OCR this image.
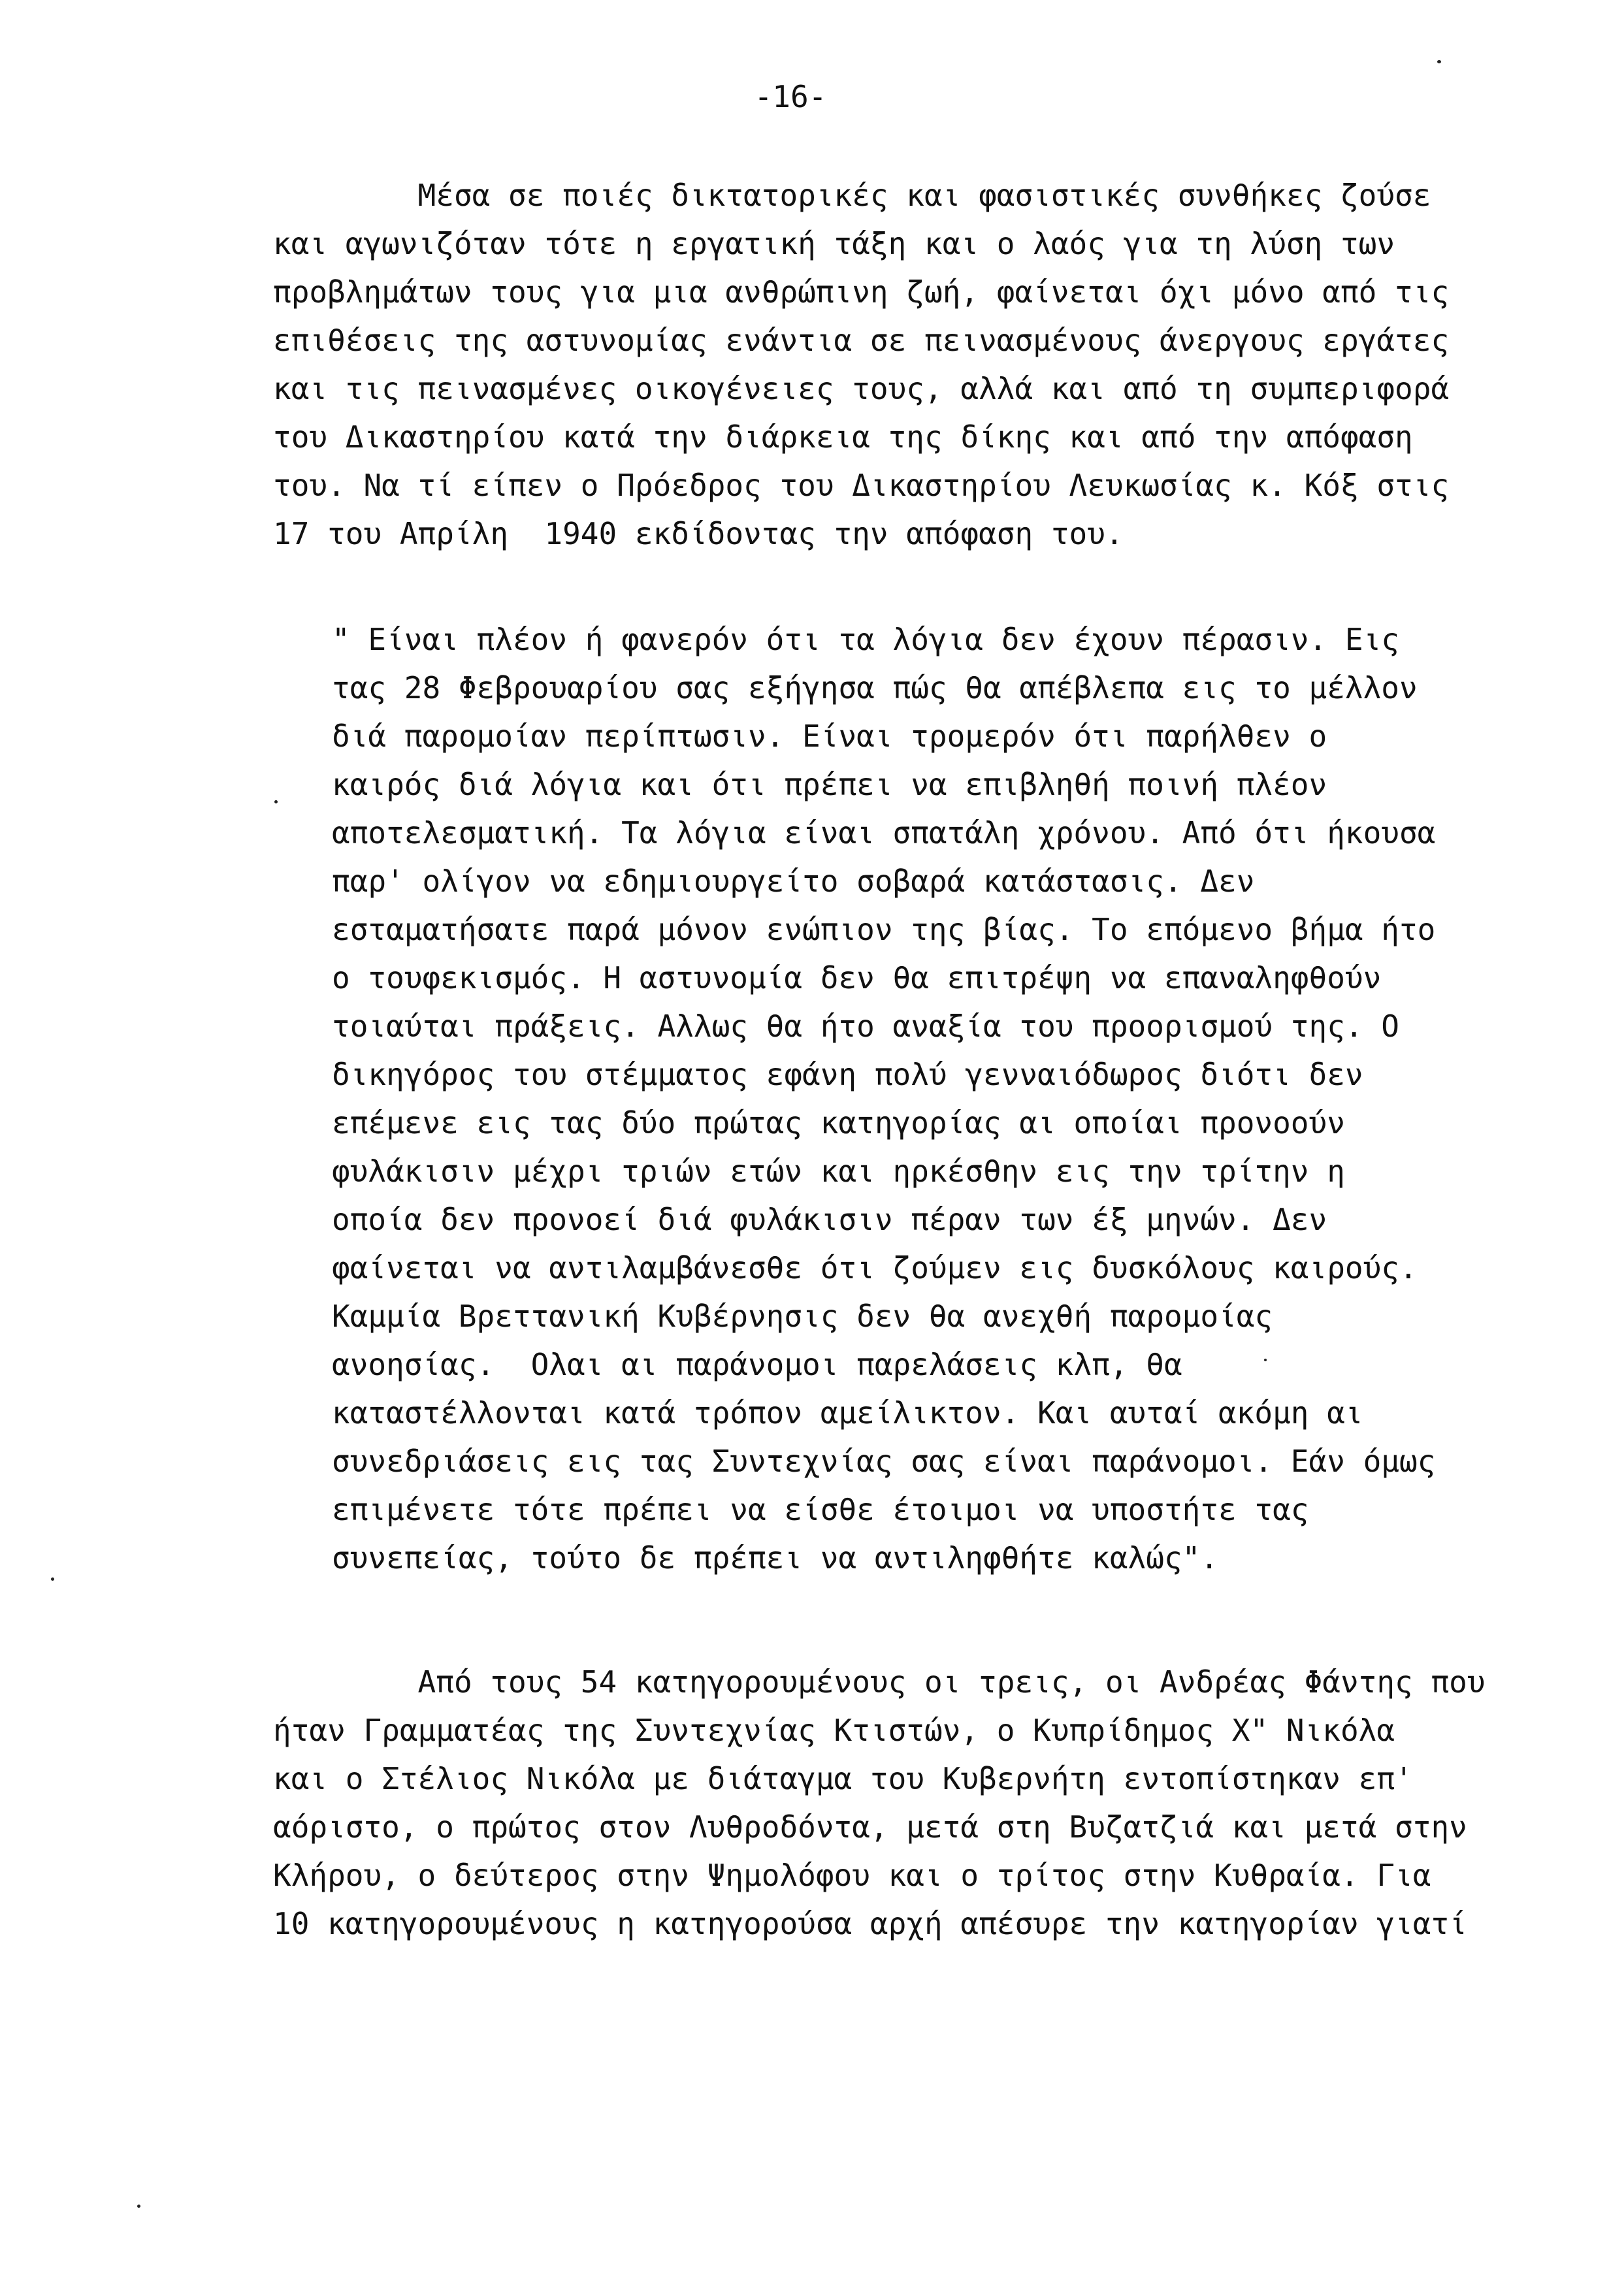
-16-
Μέσα σε ποιές δικτατορικές και φασιστικές συνθήκες ζούσε
και αγωνιζόταν τότε η εργατική τάξη και ο λαός για τη λύση των
προβλημάτων τους για μια ανθρώπινη ζωή, φαίνεται όχι μόνο από τις
επιθέσεις της αστυνομίας ενάντια σε πεινασμένους άνεργους εργάτες
και τις πεινασμένες οικογένειες τους, αλλά και από τη συμπεριφορά
του Δικαστηρίου κατά την διάρκεια της δίκης και από την απόφαση
του. Να τί είπεν ο Πρόεδρος του Δικαστηρίου Λευκωσίας κ. Κόξ στις
17 του Απρίλη  1940 εκδίδοντας την απόφαση του.
" Είναι πλέον ή φανερόν ότι τα λόγια δεν έχουν πέρασιν. Εις
τας 28 Φεβρουαρίου σας εξήγησα πώς θα απέβλεπα εις το μέλλον
διά παρομοίαν περίπτωσιν. Είναι τρομερόν ότι παρήλθεν ο
καιρός διά λόγια και ότι πρέπει να επιβληθή ποινή πλέον
αποτελεσματική. Τα λόγια είναι σπατάλη χρόνου. Από ότι ήκουσα
παρ' ολίγον να εδημιουργείτο σοβαρά κατάστασις. Δεν
εσταματήσατε παρά μόνον ενώπιον της βίας. Το επόμενο βήμα ήτο
ο τουφεκισμός. Η αστυνομία δεν θα επιτρέψη να επαναληφθούν
τοιαύται πράξεις. Αλλως θα ήτο αναξία του προορισμού της. Ο
δικηγόρος του στέμματος εφάνη πολύ γενναιόδωρος διότι δεν
επέμενε εις τας δύο πρώτας κατηγορίας αι οποίαι προνοούν
φυλάκισιν μέχρι τριών ετών και ηρκέσθην εις την τρίτην η
οποία δεν προνοεί διά φυλάκισιν πέραν των έξ μηνών. Δεν
φαίνεται να αντιλαμβάνεσθε ότι ζούμεν εις δυσκόλους καιρούς.
Καμμία Βρεττανική Κυβέρνησις δεν θα ανεχθή παρομοίας
ανοησίας.  Ολαι αι παράνομοι παρελάσεις κλπ, θα
καταστέλλονται κατά τρόπον αμείλικτον. Και αυταί ακόμη αι
συνεδριάσεις εις τας Συντεχνίας σας είναι παράνομοι. Εάν όμως
επιμένετε τότε πρέπει να είσθε έτοιμοι να υποστήτε τας
συνεπείας, τούτο δε πρέπει να αντιληφθήτε καλώς".
Από τους 54 κατηγορουμένους οι τρεις, οι Ανδρέας Φάντης που
ήταν Γραμματέας της Συντεχνίας Κτιστών, ο Κυπρίδημος Χ" Νικόλα
και ο Στέλιος Νικόλα με διάταγμα του Κυβερνήτη εντοπίστηκαν επ'
αόριστο, ο πρώτος στον Λυθροδόντα, μετά στη Βυζατζιά και μετά στην
Κλήρου, ο δεύτερος στην Ψημολόφου και ο τρίτος στην Κυθραία. Για
10 κατηγορουμένους η κατηγορούσα αρχή απέσυρε την κατηγορίαν γιατί
